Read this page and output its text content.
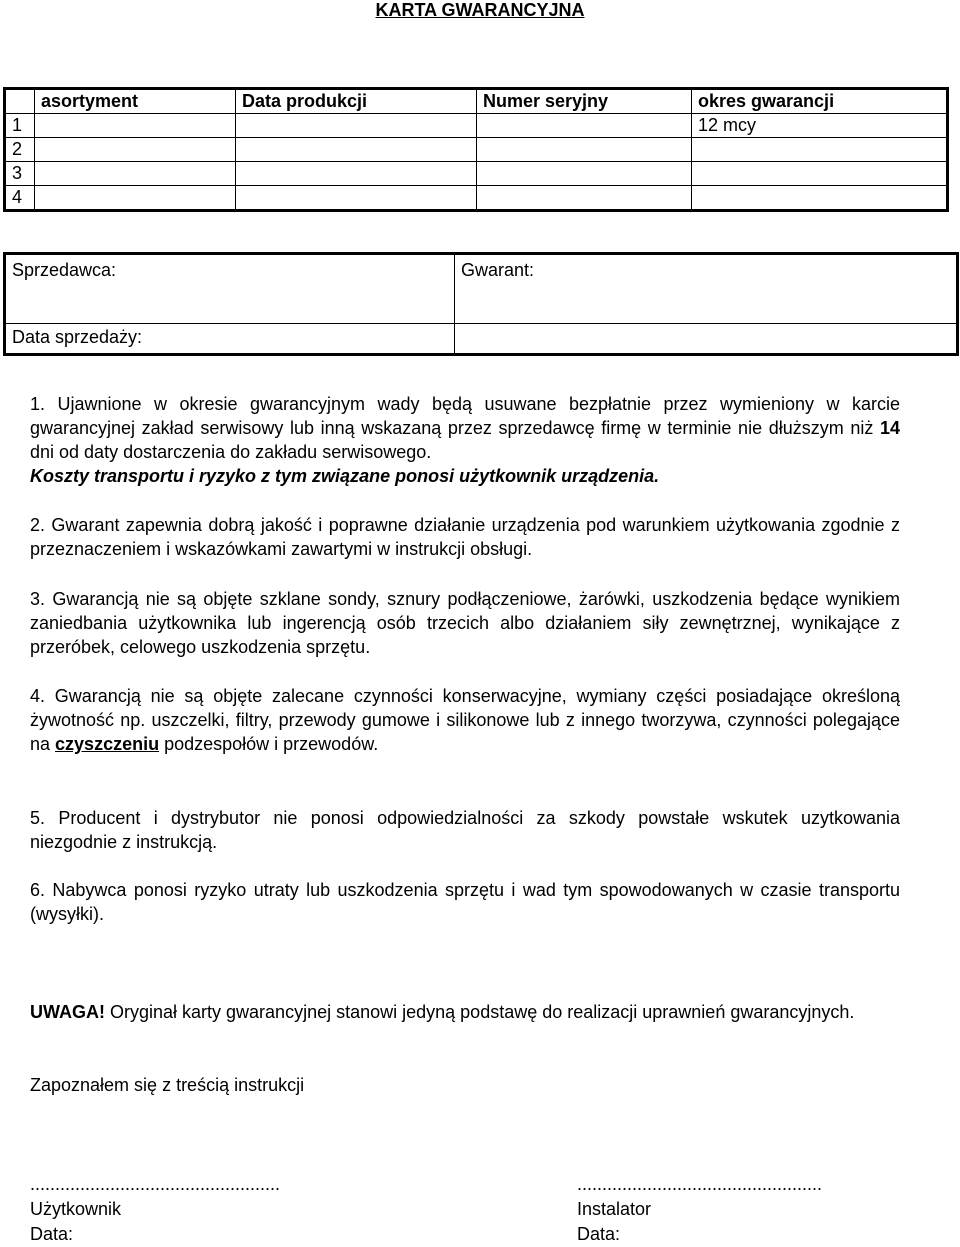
KARTA GWARANCYJNA
	asortyment	Data produkcji	Numer seryjny	okres gwarancji
1				12 mcy
2				
3				
4				
Sprzedawca:	Gwarant:
Data sprzedaży:	

1. Ujawnione w okresie gwarancyjnym wady będą usuwane bezpłatnie przez wymieniony w karcie gwarancyjnej zakład serwisowy lub inną wskazaną przez sprzedawcę firmę w terminie nie dłuższym niż 14 dni od daty dostarczenia do zakładu serwisowego.

Koszty transportu i ryzyko z tym związane ponosi użytkownik urządzenia.

2. Gwarant zapewnia dobrą jakość i poprawne działanie urządzenia pod warunkiem użytkowania zgodnie z przeznaczeniem i wskazówkami zawartymi w instrukcji obsługi.

3. Gwarancją nie są objęte szklane sondy, sznury podłączeniowe, żarówki, uszkodzenia będące wynikiem zaniedbania użytkownika lub ingerencją osób trzecich albo działaniem siły zewnętrznej, wynikające z przeróbek, celowego uszkodzenia sprzętu.

4. Gwarancją nie są objęte zalecane czynności konserwacyjne, wymiany części posiadające określoną żywotność np. uszczelki, filtry, przewody gumowe i silikonowe lub z innego tworzywa, czynności polegające na czyszczeniu podzespołów i przewodów.

5. Producent i dystrybutor nie ponosi odpowiedzialności za szkody powstałe wskutek uzytkowania niezgodnie z instrukcją.

6. Nabywca ponosi ryzyko utraty lub uszkodzenia sprzętu i wad tym spowodowanych w czasie transportu (wysyłki).

UWAGA! Oryginał karty gwarancyjnej stanowi jedyną podstawę do realizacji uprawnień gwarancyjnych.

Zapoznałem się z treścią instrukcji

..................................................
Użytkownik
Data:
.................................................
Instalator
Data:
